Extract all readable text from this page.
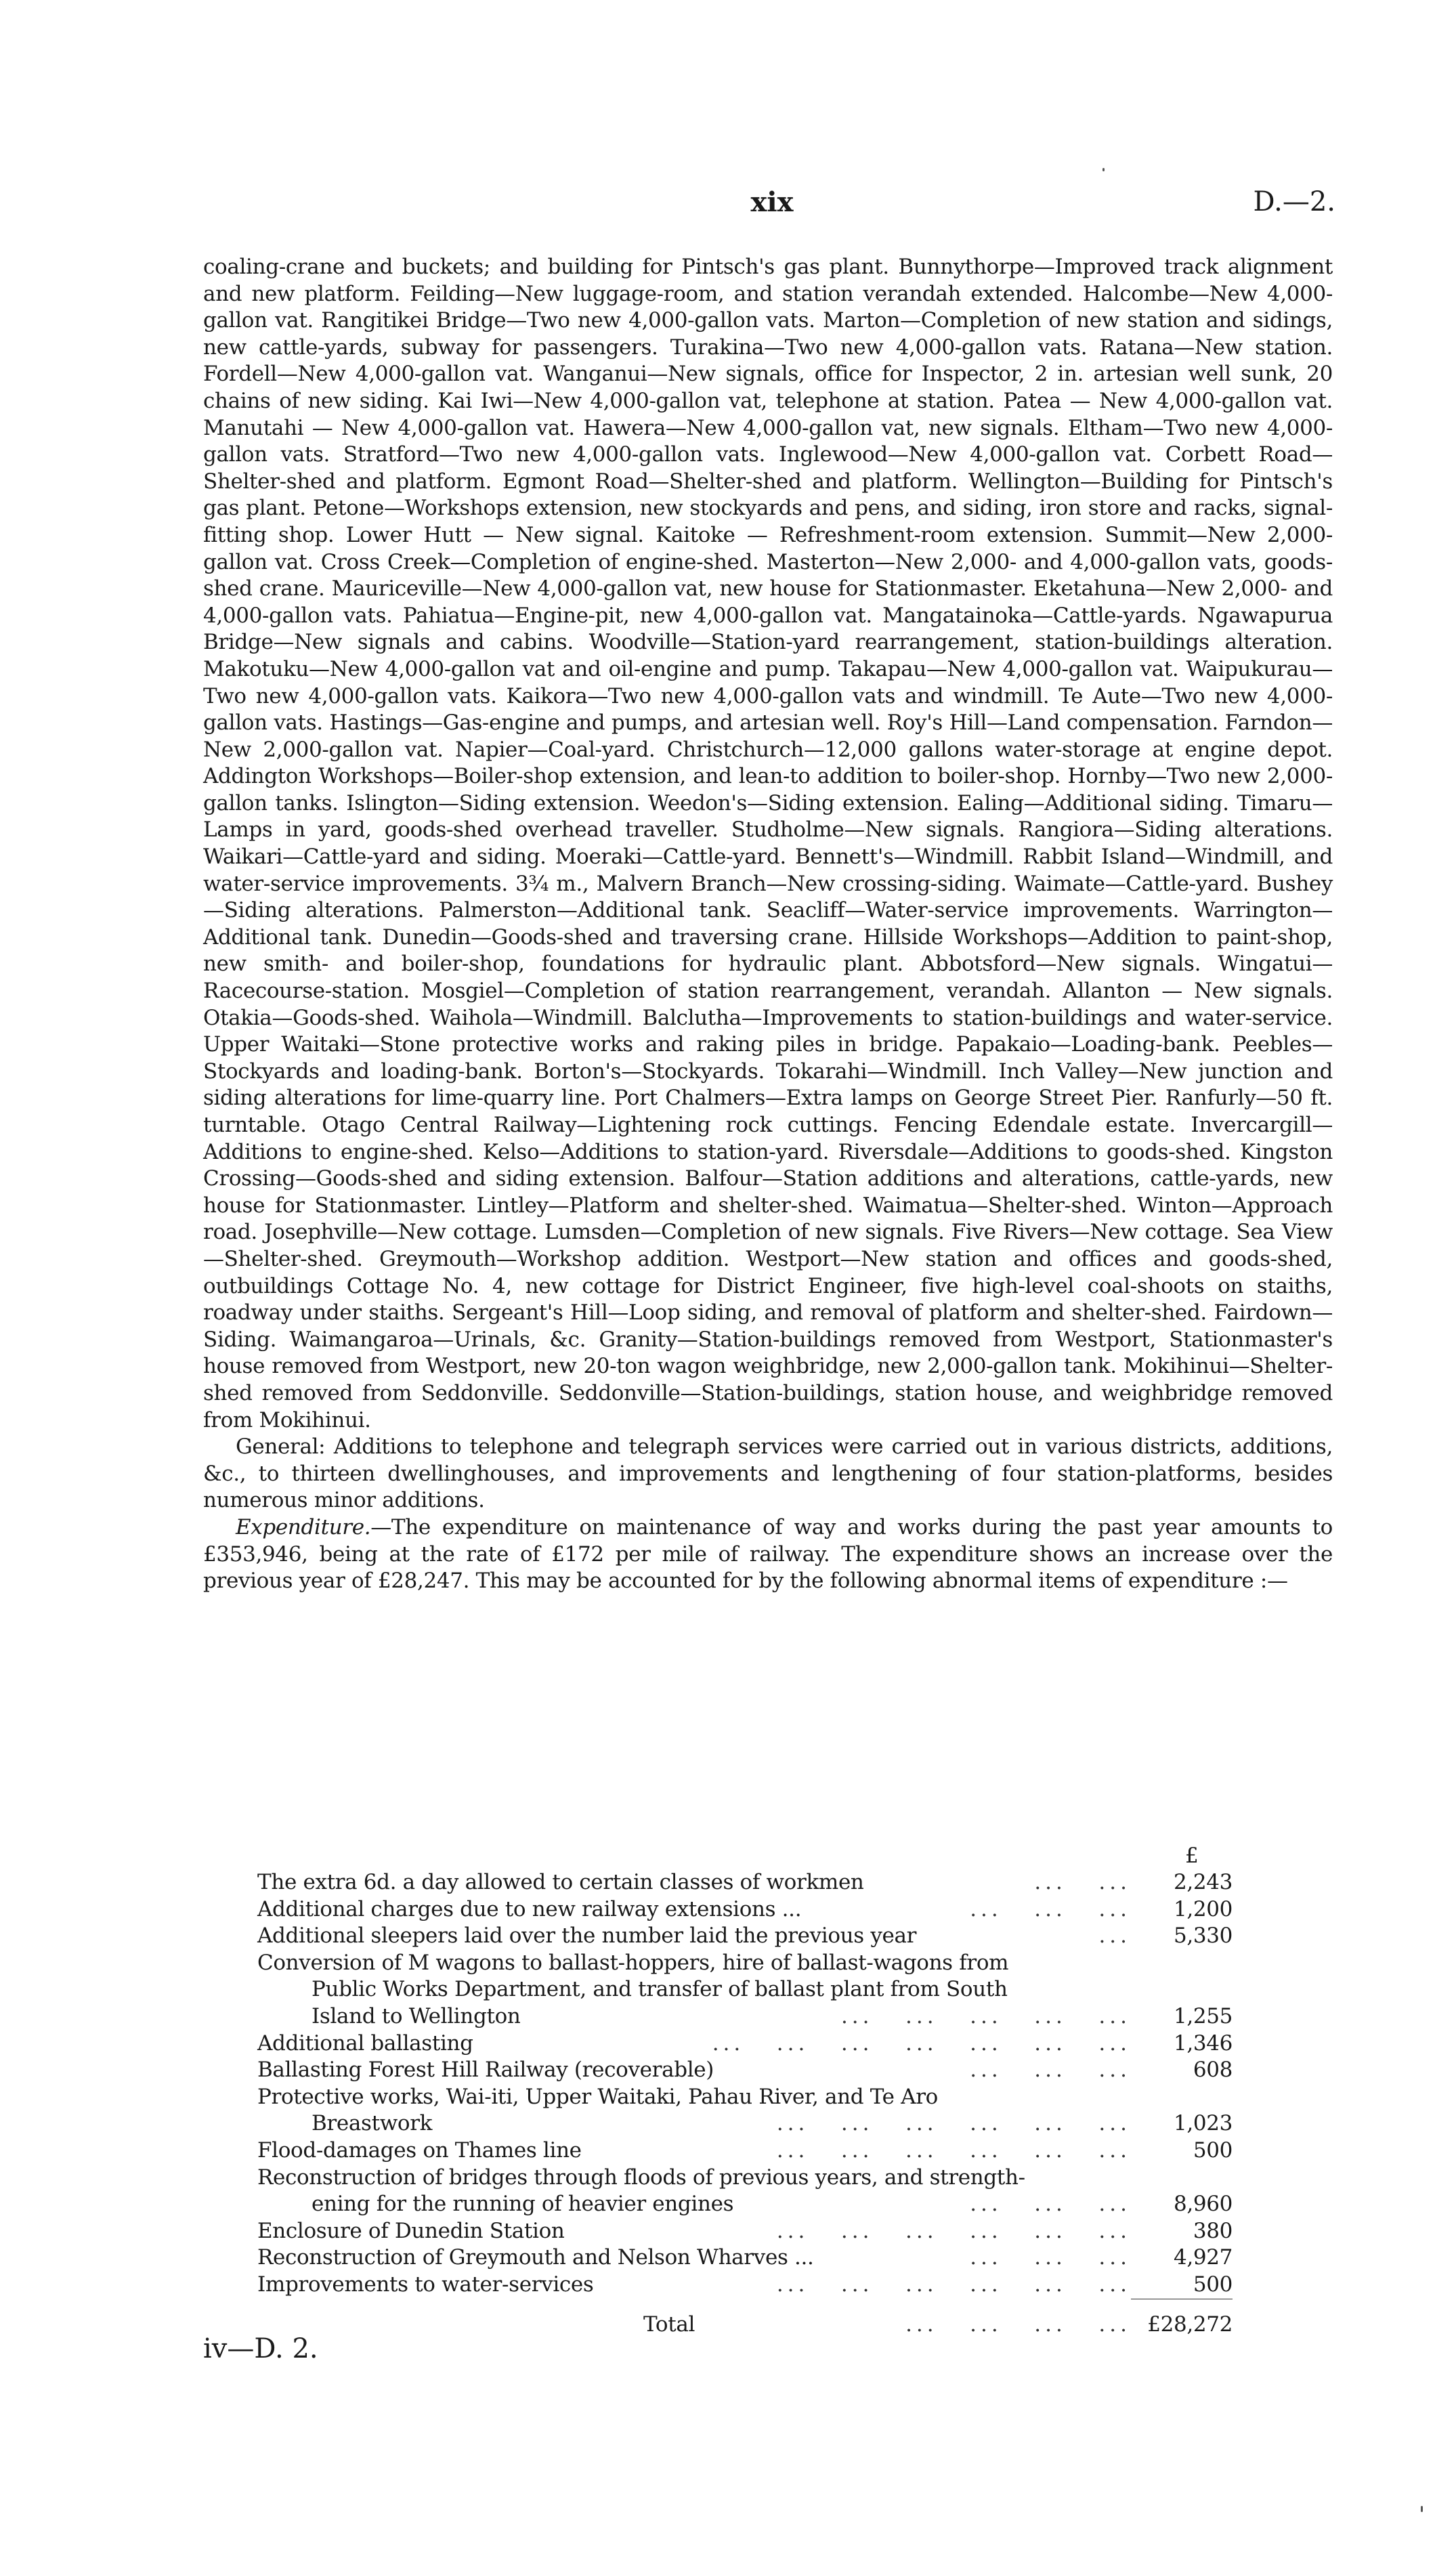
xix	D.—2.

coaling-crane and buckets; and building for Pintsch's gas plant. Bunnythorpe—Improved track alignment and new platform. Feilding—New luggage-room, and station verandah extended. Halcombe—New 4,000-gallon vat. Rangitikei Bridge—Two new 4,000-gallon vats. Marton—Completion of new station and sidings, new cattle-yards, subway for passengers. Turakina—Two new 4,000-gallon vats. Ratana—New station. Fordell—New 4,000-gallon vat. Wanganui—New signals, office for Inspector, 2 in. artesian well sunk, 20 chains of new siding. Kai Iwi—New 4,000-gallon vat, telephone at station. Patea — New 4,000-gallon vat. Manutahi — New 4,000-gallon vat. Hawera—New 4,000-gallon vat, new signals. Eltham—Two new 4,000-gallon vats. Stratford—Two new 4,000-gallon vats. Inglewood—New 4,000-gallon vat. Corbett Road—Shelter-shed and platform. Egmont Road—Shelter-shed and platform. Wellington—Building for Pintsch's gas plant. Petone—Workshops extension, new stockyards and pens, and siding, iron store and racks, signal-fitting shop. Lower Hutt — New signal. Kaitoke — Refreshment-room extension. Summit—New 2,000-gallon vat. Cross Creek—Completion of engine-shed. Masterton—New 2,000- and 4,000-gallon vats, goods-shed crane. Mauriceville—New 4,000-gallon vat, new house for Stationmaster. Eketahuna—New 2,000- and 4,000-gallon vats. Pahiatua—Engine-pit, new 4,000-gallon vat. Mangatainoka—Cattle-yards. Ngawapurua Bridge—New signals and cabins. Woodville—Station-yard rearrangement, station-buildings alteration. Makotuku—New 4,000-gallon vat and oil-engine and pump. Takapau—New 4,000-gallon vat. Waipukurau—Two new 4,000-gallon vats. Kaikora—Two new 4,000-gallon vats and windmill. Te Aute—Two new 4,000-gallon vats. Hastings—Gas-engine and pumps, and artesian well. Roy's Hill—Land compensation. Farndon—New 2,000-gallon vat. Napier—Coal-yard. Christchurch—12,000 gallons water-storage at engine depot. Addington Workshops—Boiler-shop extension, and lean-to addition to boiler-shop. Hornby—Two new 2,000-gallon tanks. Islington—Siding extension. Weedon's—Siding extension. Ealing—Additional siding. Timaru—Lamps in yard, goods-shed overhead traveller. Studholme—New signals. Rangiora—Siding alterations. Waikari—Cattle-yard and siding. Moeraki—Cattle-yard. Bennett's—Windmill. Rabbit Island—Windmill, and water-service improvements. 3¾ m., Malvern Branch—New crossing-siding. Waimate—Cattle-yard. Bushey—Siding alterations. Palmerston—Additional tank. Seacliff—Water-service improvements. Warrington—Additional tank. Dunedin—Goods-shed and traversing crane. Hillside Workshops—Addition to paint-shop, new smith- and boiler-shop, foundations for hydraulic plant. Abbotsford—New signals. Wingatui—Racecourse-station. Mosgiel—Completion of station rearrangement, verandah. Allanton — New signals. Otakia—Goods-shed. Waihola—Windmill. Balclutha—Improvements to station-buildings and water-service. Upper Waitaki—Stone protective works and raking piles in bridge. Papakaio—Loading-bank. Peebles—Stockyards and loading-bank. Borton's—Stockyards. Tokarahi—Windmill. Inch Valley—New junction and siding alterations for lime-quarry line. Port Chalmers—Extra lamps on George Street Pier. Ranfurly—50 ft. turntable. Otago Central Railway—Lightening rock cuttings. Fencing Edendale estate. Invercargill—Additions to engine-shed. Kelso—Additions to station-yard. Riversdale—Additions to goods-shed. Kingston Crossing—Goods-shed and siding extension. Balfour—Station additions and alterations, cattle-yards, new house for Stationmaster. Lintley—Platform and shelter-shed. Waimatua—Shelter-shed. Winton—Approach road. Josephville—New cottage. Lumsden—Completion of new signals. Five Rivers—New cottage. Sea View—Shelter-shed. Greymouth—Workshop addition. Westport—New station and offices and goods-shed, outbuildings Cottage No. 4, new cottage for District Engineer, five high-level coal-shoots on staiths, roadway under staiths. Sergeant's Hill—Loop siding, and removal of platform and shelter-shed. Fairdown—Siding. Waimangaroa—Urinals, &c. Granity—Station-buildings removed from Westport, Stationmaster's house removed from Westport, new 20-ton wagon weighbridge, new 2,000-gallon tank. Mokihinui—Shelter-shed removed from Seddonville. Seddonville—Station-buildings, station house, and weighbridge removed from Mokihinui.

General: Additions to telephone and telegraph services were carried out in various districts, additions, &c., to thirteen dwellinghouses, and improvements and lengthening of four station-platforms, besides numerous minor additions.

Expenditure.—The expenditure on maintenance of way and works during the past year amounts to £353,946, being at the rate of £172 per mile of railway. The expenditure shows an increase over the previous year of £28,247. This may be accounted for by the following abnormal items of expenditure :—

£
The extra 6d. a day allowed to certain classes of workmen	...   ...	2,243
Additional charges due to new railway extensions ...	...   ...   ...	1,200
Additional sleepers laid over the number laid the previous year	...	5,330
Conversion of M wagons to ballast-hoppers, hire of ballast-wagons from
Public Works Department, and transfer of ballast plant from South
Island to Wellington	...   ...   ...   ...   ...	1,255
Additional ballasting	...   ...   ...   ...   ...   ...   ...	1,346
Ballasting Forest Hill Railway (recoverable)	...   ...   ...	608
Protective works, Wai-iti, Upper Waitaki, Pahau River, and Te Aro
Breastwork	...   ...   ...   ...   ...   ...	1,023
Flood-damages on Thames line	...   ...   ...   ...   ...   ...	500
Reconstruction of bridges through floods of previous years, and strength-
ening for the running of heavier engines	...   ...   ...	8,960
Enclosure of Dunedin Station	...   ...   ...   ...   ...   ...	380
Reconstruction of Greymouth and Nelson Wharves ...	...   ...   ...	4,927
Improvements to water-services	...   ...   ...   ...   ...   ...	500
Total	...   ...   ...   ... £28,272
iv—D. 2.
